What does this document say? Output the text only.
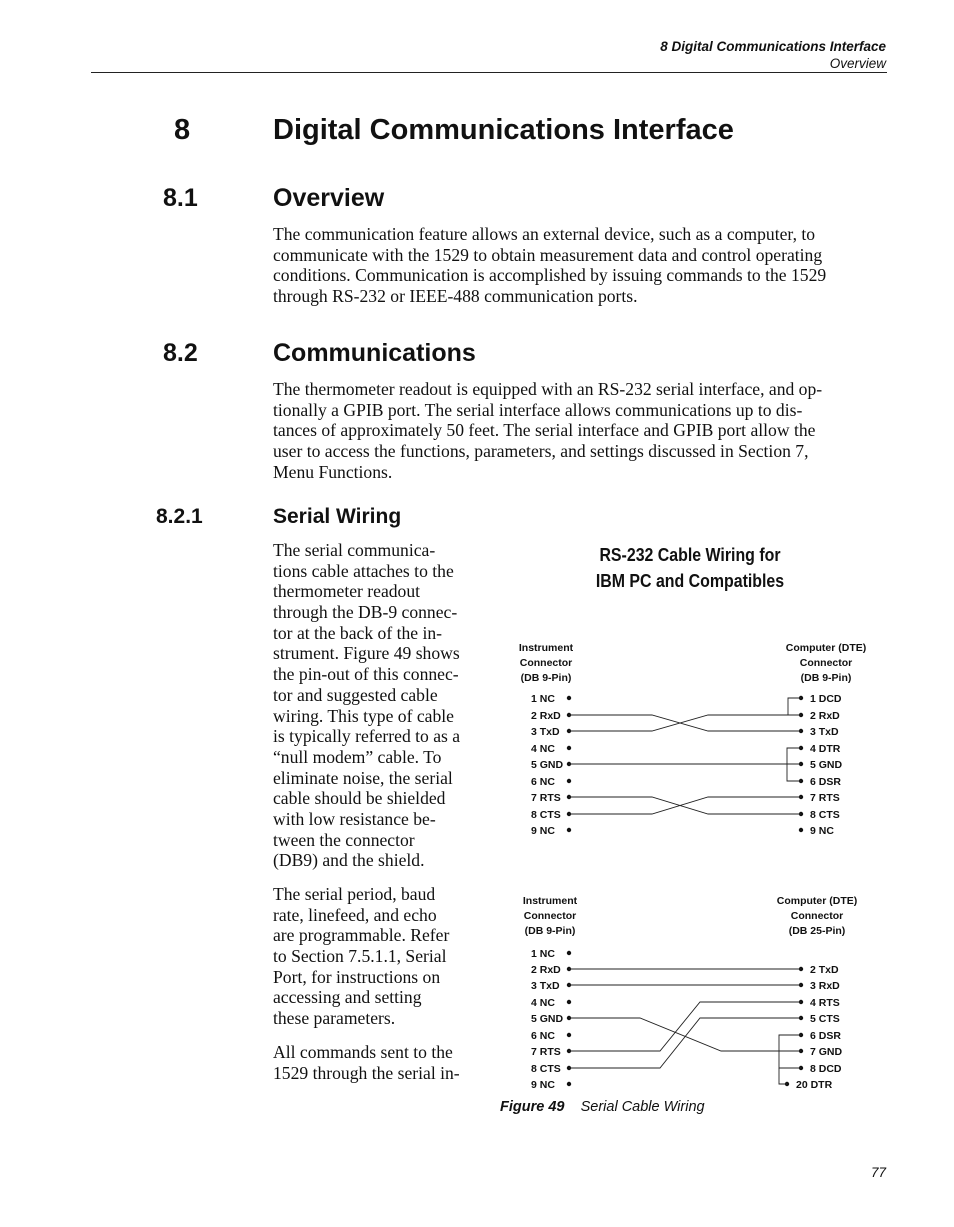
8 Digital Communications Interface
Overview
8	Digital Communications Interface
8.1	Overview
The communication feature allows an external device, such as a computer, to
communicate with the 1529 to obtain measurement data and control operating
conditions. Communication is accomplished by issuing commands to the 1529
through RS-232 or IEEE-488 communication ports.
8.2	Communications
The thermometer readout is equipped with an RS-232 serial interface, and op-
tionally a GPIB port. The serial interface allows communications up to dis-
tances of approximately 50 feet. The serial interface and GPIB port allow the
user to access the functions, parameters, and settings discussed in Section 7,
Menu Functions.
8.2.1	Serial Wiring
The serial communica-
tions cable attaches to the
thermometer readout
through the DB-9 connec-
tor at the back of the in-
strument. Figure 49 shows
the pin-out of this connec-
tor and suggested cable
wiring. This type of cable
is typically referred to as a
“null modem” cable. To
eliminate noise, the serial
cable should be shielded
with low resistance be-
tween the connector
(DB9) and the shield.
The serial period, baud
rate, linefeed, and echo
are programmable. Refer
to Section 7.5.1.1, Serial
Port, for instructions on
accessing and setting
these parameters.
All commands sent to the
1529 through the serial in-
RS-232 Cable Wiring for
IBM PC and Compatibles
Instrument
Connector
(DB 9-Pin)
Computer (DTE)
Connector
(DB 9-Pin)
1 NC
2 RxD
3 TxD
4 NC
5 GND
6 NC
7 RTS
8 CTS
9 NC
1 DCD
2 RxD
3 TxD
4 DTR
5 GND
6 DSR
7 RTS
8 CTS
9 NC
Instrument
Connector
(DB 9-Pin)
Computer (DTE)
Connector
(DB 25-Pin)
1 NC
2 RxD
3 TxD
4 NC
5 GND
6 NC
7 RTS
8 CTS
9 NC
2 TxD
3 RxD
4 RTS
5 CTS
6 DSR
7 GND
8 DCD
20 DTR
Figure 49 Serial Cable Wiring
77
